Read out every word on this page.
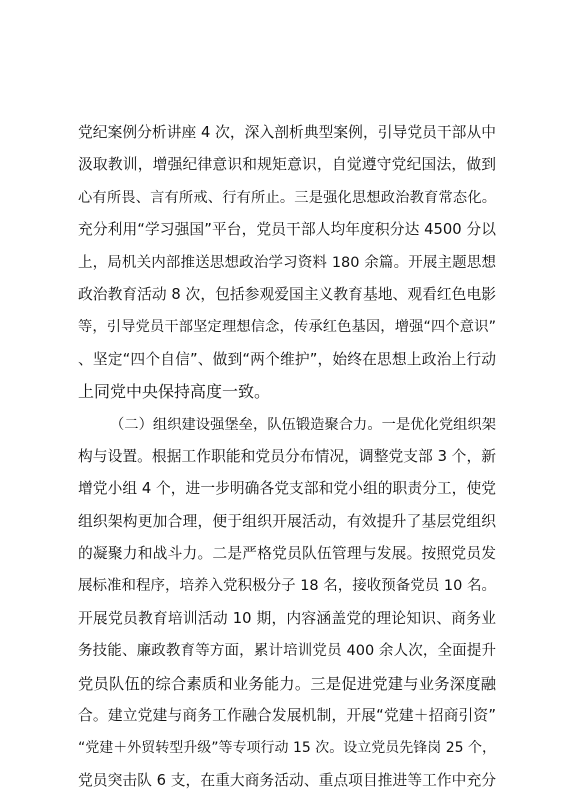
党纪案例分析讲座 4 次，深入剖析典型案例，引导党员干部从中
汲取教训，增强纪律意识和规矩意识，自觉遵守党纪国法，做到
心有所畏、言有所戒、行有所止。三是强化思想政治教育常态化。
充分利用“学习强国”平台，党员干部人均年度积分达 4500 分以
上，局机关内部推送思想政治学习资料 180 余篇。开展主题思想
政治教育活动 8 次，包括参观爱国主义教育基地、观看红色电影
等，引导党员干部坚定理想信念，传承红色基因，增强“四个意识”
、坚定“四个自信”、做到“两个维护”，始终在思想上政治上行动
上同党中央保持高度一致。
（二）组织建设强堡垒，队伍锻造聚合力。一是优化党组织架
构与设置。根据工作职能和党员分布情况，调整党支部 3 个，新
增党小组 4 个，进一步明确各党支部和党小组的职责分工，使党
组织架构更加合理，便于组织开展活动，有效提升了基层党组织
的凝聚力和战斗力。二是严格党员队伍管理与发展。按照党员发
展标准和程序，培养入党积极分子 18 名，接收预备党员 10 名。
开展党员教育培训活动 10 期，内容涵盖党的理论知识、商务业
务技能、廉政教育等方面，累计培训党员 400 余人次，全面提升
党员队伍的综合素质和业务能力。三是促进党建与业务深度融
合。建立党建与商务工作融合发展机制，开展“党建＋招商引资”
“党建＋外贸转型升级”等专项行动 15 次。设立党员先锋岗 25 个，
党员突击队 6 支，在重大商务活动、重点项目推进等工作中充分
